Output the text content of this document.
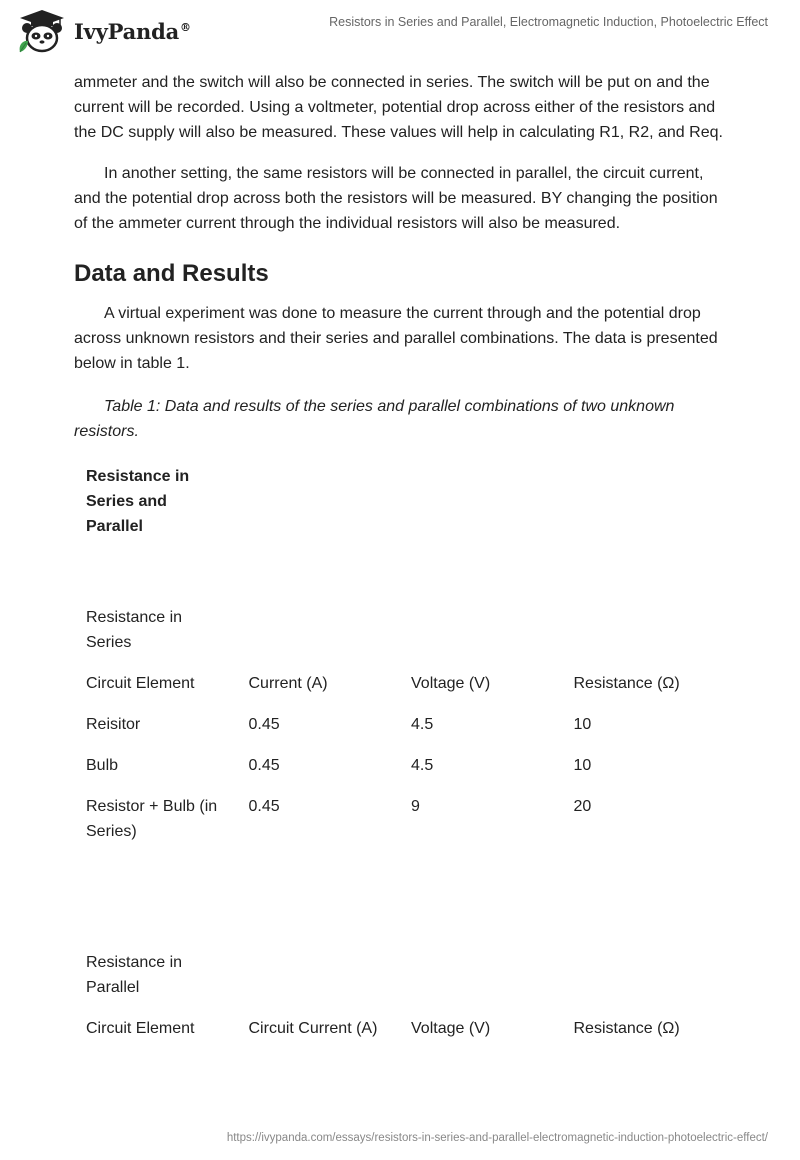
IvyPanda®	Resistors in Series and Parallel, Electromagnetic Induction, Photoelectric Effect

ammeter and the switch will also be connected in series. The switch will be put on and the current will be recorded. Using a voltmeter, potential drop across either of the resistors and the DC supply will also be measured. These values will help in calculating R1, R2, and Req.

In another setting, the same resistors will be connected in parallel, the circuit current, and the potential drop across both the resistors will be measured. BY changing the position of the ammeter current through the individual resistors will also be measured.

Data and Results

A virtual experiment was done to measure the current through and the potential drop across unknown resistors and their series and parallel combinations. The data is presented below in table 1.

Table 1: Data and results of the series and parallel combinations of two unknown resistors.

Resistance in Series and Parallel			

Resistance in Series			
Circuit Element	Current (A)	Voltage (V)	Resistance (Ω)
Reisitor	0.45	4.5	10
Bulb	0.45	4.5	10
Resistor + Bulb (in Series)	0.45	9	20

Resistance in Parallel			
Circuit Element	Circuit Current (A)	Voltage (V)	Resistance (Ω)
https://ivypanda.com/essays/resistors-in-series-and-parallel-electromagnetic-induction-photoelectric-effect/
